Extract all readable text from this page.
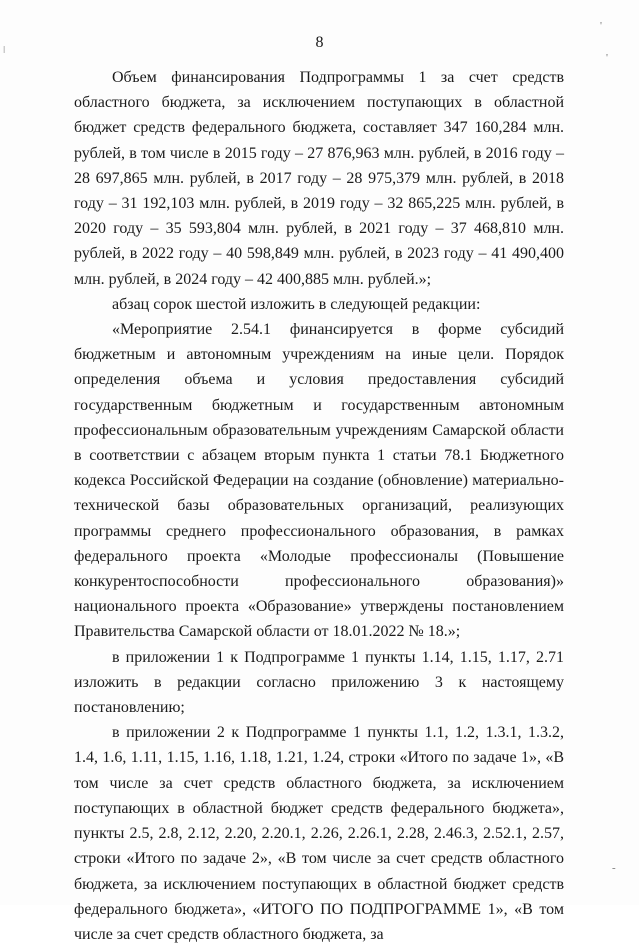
8

Объем финансирования Подпрограммы 1 за счет средств областного бюджета, за исключением поступающих в областной бюджет средств федерального бюджета, составляет 347 160,284 млн. рублей, в том числе в 2015 году – 27 876,963 млн. рублей, в 2016 году – 28 697,865 млн. рублей, в 2017 году – 28 975,379 млн. рублей, в 2018 году – 31 192,103 млн. рублей, в 2019 году – 32 865,225 млн. рублей, в 2020 году – 35 593,804 млн. рублей, в 2021 году – 37 468,810 млн. рублей, в 2022 году – 40 598,849 млн. рублей, в 2023 году – 41 490,400 млн. рублей, в 2024 году – 42 400,885 млн. рублей.»;

абзац сорок шестой изложить в следующей редакции:

«Мероприятие 2.54.1 финансируется в форме субсидий бюджетным и автономным учреждениям на иные цели. Порядок определения объема и условия предоставления субсидий государственным бюджетным и государственным автономным профессиональным образовательным учреждениям Самарской области в соответствии с абзацем вторым пункта 1 статьи 78.1 Бюджетного кодекса Российской Федерации на создание (обновление) материально-технической базы образовательных организаций, реализующих программы среднего профессионального образования, в рамках федерального проекта «Молодые профессионалы (Повышение конкурентоспособности профессионального образования)» национального проекта «Образование» утверждены постановлением Правительства Самарской области от 18.01.2022 № 18.»;

в приложении 1 к Подпрограмме 1 пункты 1.14, 1.15, 1.17, 2.71 изложить в редакции согласно приложению 3 к настоящему постановлению;

в приложении 2 к Подпрограмме 1 пункты 1.1, 1.2, 1.3.1, 1.3.2, 1.4, 1.6, 1.11, 1.15, 1.16, 1.18, 1.21, 1.24, строки «Итого по задаче 1», «В том числе за счет средств областного бюджета, за исключением поступающих в областной бюджет средств федерального бюджета», пункты 2.5, 2.8, 2.12, 2.20, 2.20.1, 2.26, 2.26.1, 2.28, 2.46.3, 2.52.1, 2.57, строки «Итого по задаче 2», «В том числе за счет средств областного бюджета, за исключением поступающих в областной бюджет средств федерального бюджета», «ИТОГО ПО ПОДПРОГРАММЕ 1», «В том числе за счет средств областного бюджета, за

ǀ
'
'
-
